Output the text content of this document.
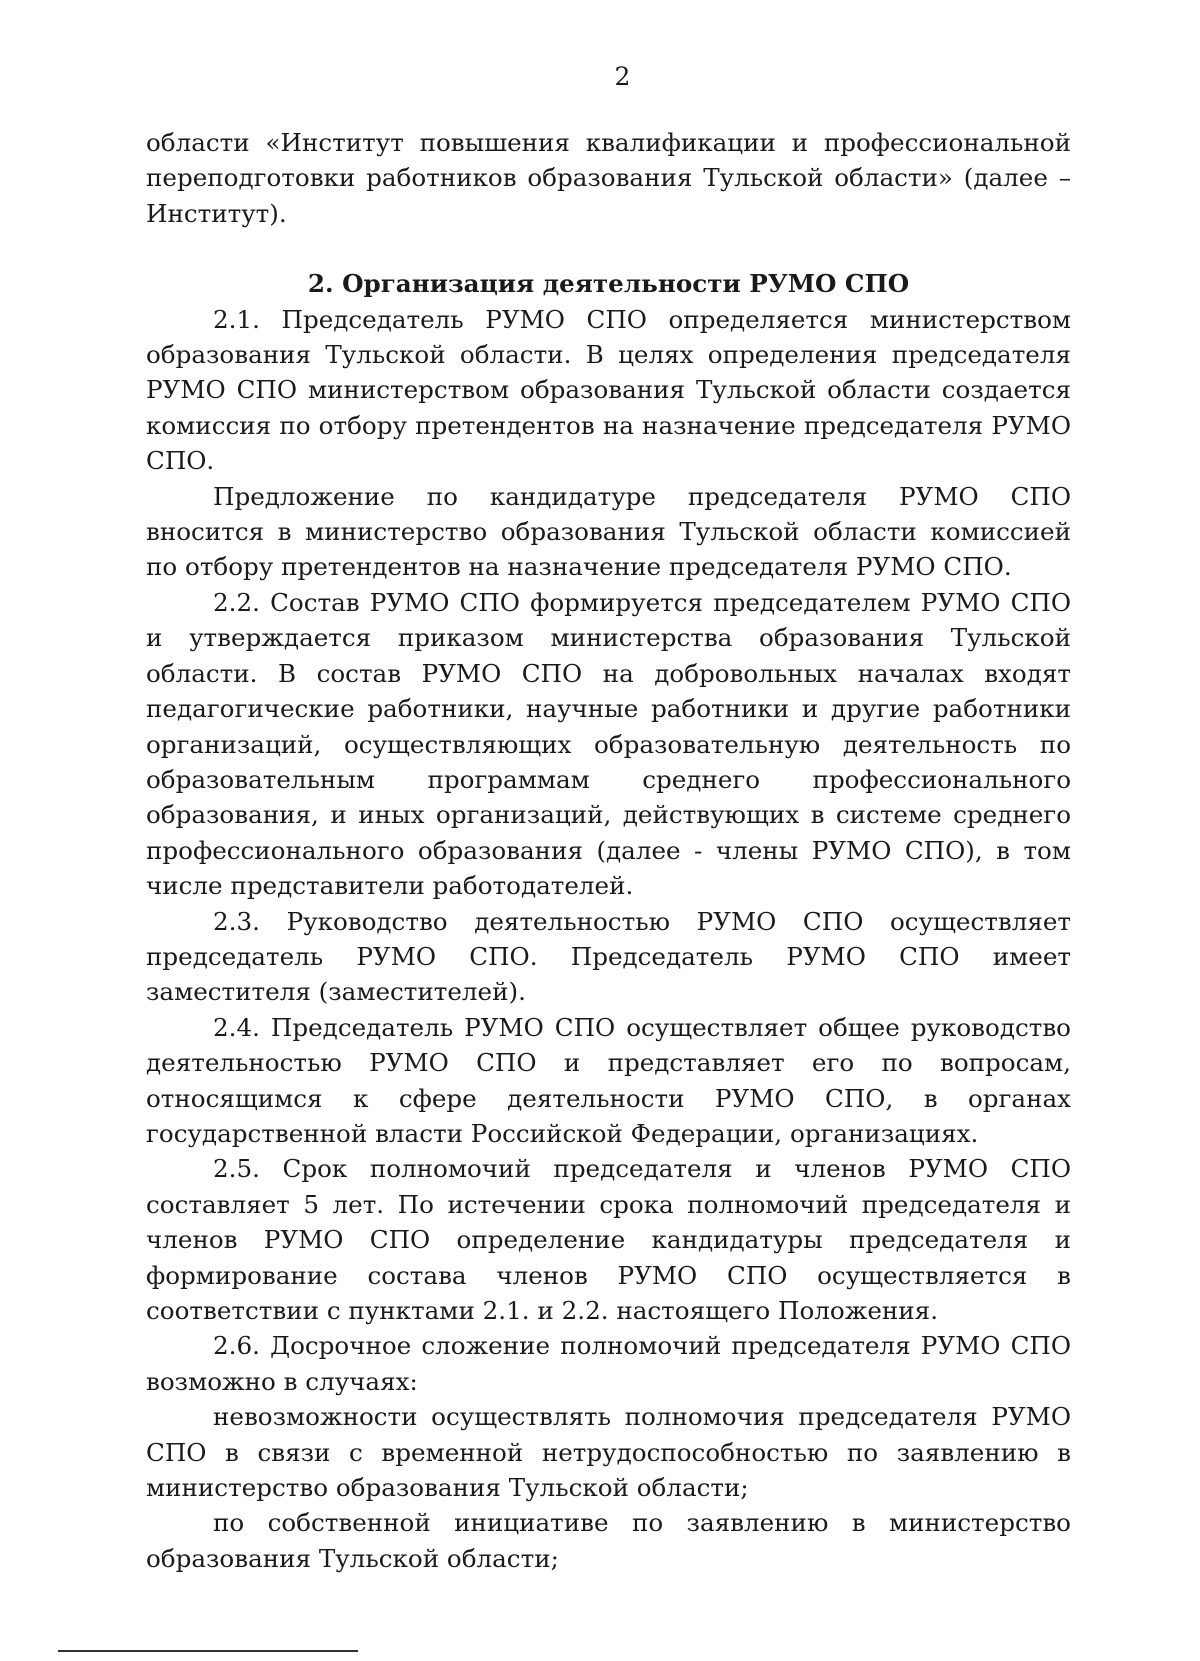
2

области «Институт повышения квалификации и профессиональной переподготовки работников образования Тульской области» (далее – Институт).

2. Организация деятельности РУМО СПО

2.1. Председатель РУМО СПО определяется министерством образования Тульской области. В целях определения председателя РУМО СПО министерством образования Тульской области создается комиссия по отбору претендентов на назначение председателя РУМО СПО.

Предложение по кандидатуре председателя РУМО СПО вносится в министерство образования Тульской области комиссией по отбору претендентов на назначение председателя РУМО СПО.

2.2. Состав РУМО СПО формируется председателем РУМО СПО и утверждается приказом министерства образования Тульской области. В состав РУМО СПО на добровольных началах входят педагогические работники, научные работники и другие работники организаций, осуществляющих образовательную деятельность по образовательным программам среднего профессионального образования, и иных организаций, действующих в системе среднего профессионального образования (далее - члены РУМО СПО), в том числе представители работодателей.

2.3. Руководство деятельностью РУМО СПО осуществляет председатель РУМО СПО. Председатель РУМО СПО имеет заместителя (заместителей).

2.4. Председатель РУМО СПО осуществляет общее руководство деятельностью РУМО СПО и представляет его по вопросам, относящимся к сфере деятельности РУМО СПО, в органах государственной власти Российской Федерации, организациях.

2.5. Срок полномочий председателя и членов РУМО СПО составляет 5 лет. По истечении срока полномочий председателя и членов РУМО СПО определение кандидатуры председателя и формирование состава членов РУМО СПО осуществляется в соответствии с пунктами 2.1. и 2.2. настоящего Положения.

2.6. Досрочное сложение полномочий председателя РУМО СПО возможно в случаях:

невозможности осуществлять полномочия председателя РУМО СПО в связи с временной нетрудоспособностью по заявлению в министерство образования Тульской области;

по собственной инициативе по заявлению в министерство образования Тульской области;
